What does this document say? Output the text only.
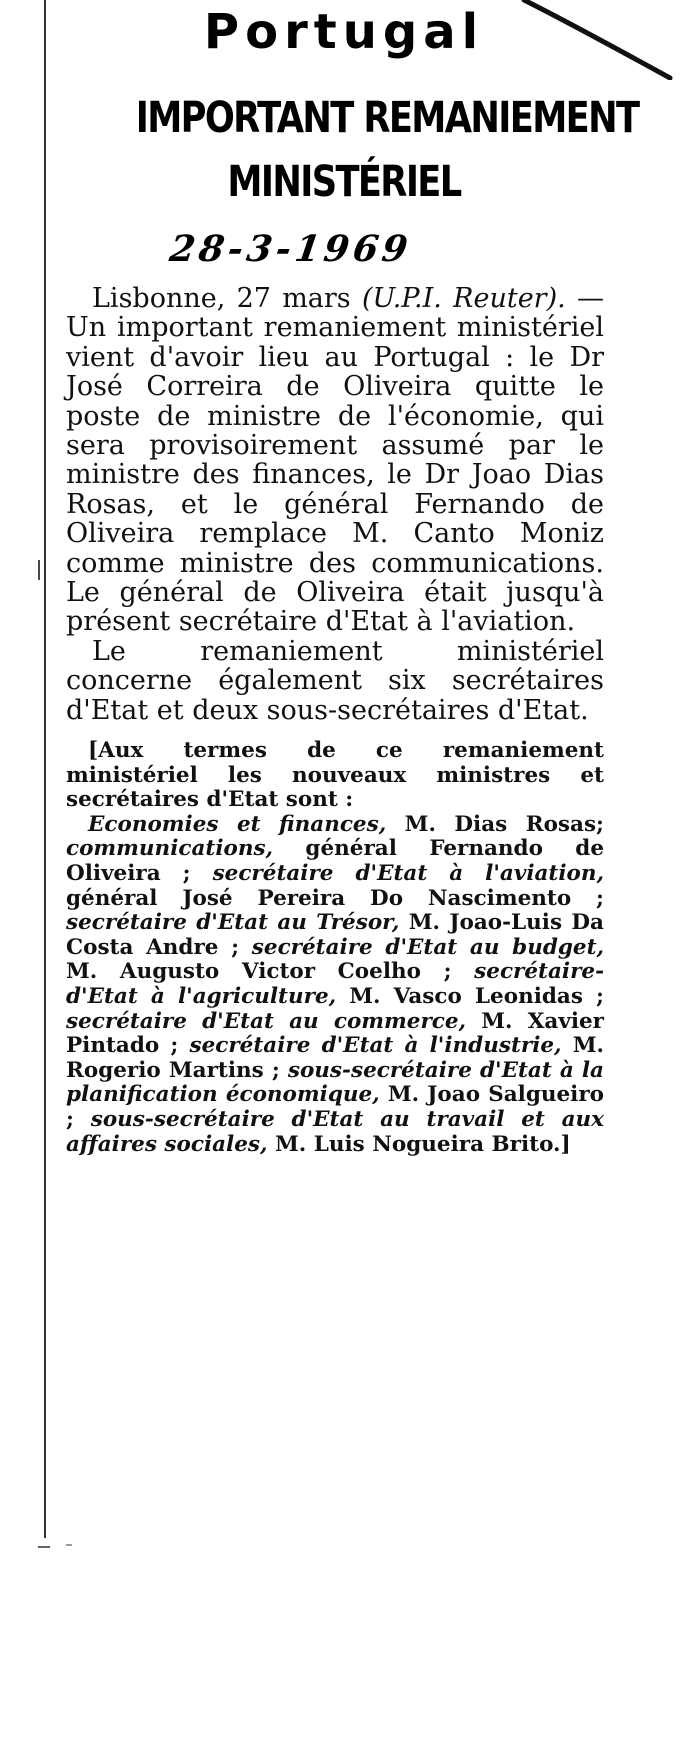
Portugal
IMPORTANT REMANIEMENT
MINISTÉRIEL
28-3-1969

Lisbonne, 27 mars (U.P.I. Reuter). — Un important remaniement ministériel vient d'avoir lieu au Portugal : le Dr José Correira de Oliveira quitte le poste de ministre de l'économie, qui sera provisoirement assumé par le ministre des finances, le Dr Joao Dias Rosas, et le général Fernando de Oliveira remplace M. Canto Moniz comme ministre des communications. Le général de Oliveira était jusqu'à présent secrétaire d'Etat à l'aviation.

Le remaniement ministériel concerne également six secrétaires d'Etat et deux sous-secrétaires d'Etat.

[Aux termes de ce remaniement ministériel les nouveaux ministres et secrétaires d'Etat sont :
Economies et finances, M. Dias Rosas; communications, général Fernando de Oliveira ; secrétaire d'Etat à l'aviation, général José Pereira Do Nascimento ; secrétaire d'Etat au Trésor, M. Joao-Luis Da Costa Andre ; secrétaire d'Etat au budget, M. Augusto Victor Coelho ; secrétaire- d'Etat à l'agriculture, M. Vasco Leonidas ; secrétaire d'Etat au commerce, M. Xavier Pintado ; secrétaire d'Etat à l'industrie, M. Rogerio Martins ; sous-secrétaire d'Etat à la planification économique, M. Joao Salgueiro ; sous-secrétaire d'Etat au travail et aux affaires sociales, M. Luis Nogueira Brito.]
